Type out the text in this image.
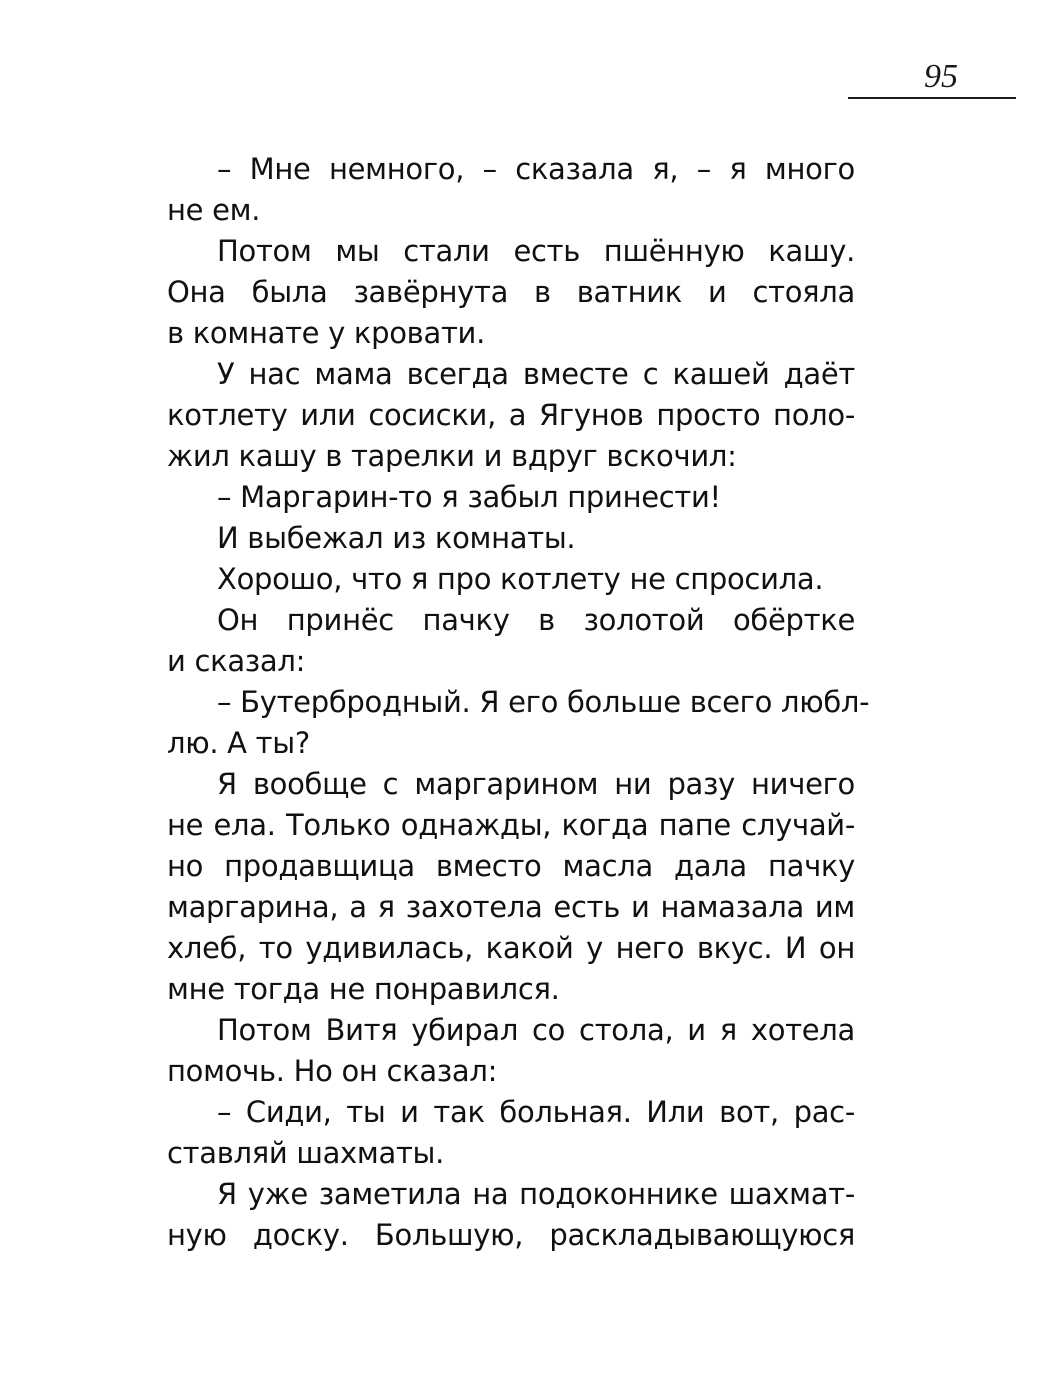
95
– Мне немного, – сказала я, – я много
не ем.
Потом мы стали есть пшённую кашу.
Она была завёрнута в ватник и стояла
в комнате у кровати.
У нас мама всегда вместе с кашей даёт
котлету или сосиски, а Ягунов просто поло-
жил кашу в тарелки и вдруг вскочил:
– Маргарин-то я забыл принести!
И выбежал из комнаты.
Хорошо, что я про котлету не спросила.
Он принёс пачку в золотой обёртке
и сказал:
– Бутербродный. Я его больше всего любл-
лю. А ты?
Я вообще с маргарином ни разу ничего
не ела. Только однажды, когда папе случай-
но продавщица вместо масла дала пачку
маргарина, а я захотела есть и намазала им
хлеб, то удивилась, какой у него вкус. И он
мне тогда не понравился.
Потом Витя убирал со стола, и я хотела
помочь. Но он сказал:
– Сиди, ты и так больная. Или вот, рас-
ставляй шахматы.
Я уже заметила на подоконнике шахмат-
ную доску. Большую, раскладывающуюся
